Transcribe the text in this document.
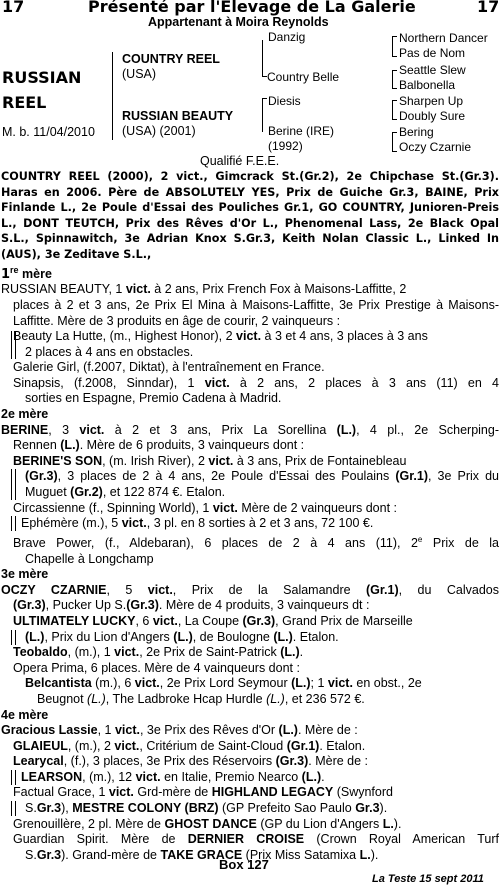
17	Présenté par l'Elevage de La Galerie	17
Appartenant à Moira Reynolds
RUSSIAN
REEL
M. b. 11/04/2010
COUNTRY REEL
(USA)
RUSSIAN BEAUTY
(USA) (2001)
Danzig
Country Belle
Diesis
Berine (IRE)
(1992)
Northern Dancer
Pas de Nom
Seattle Slew
Balbonella
Sharpen Up
Doubly Sure
Bering
Oczy Czarnie
Qualifié F.E.E.

COUNTRY REEL (2000), 2 vict., Gimcrack St.(Gr.2), 2e Chipchase St.(Gr.3). Haras en 2006. Père de ABSOLUTELY YES, Prix de Guiche Gr.3, BAINE, Prix Finlande L., 2e Poule d'Essai des Pouliches Gr.1, GO COUNTRY, Junioren-Preis L., DONT TEUTCH, Prix des Rêves d'Or L., Phenomenal Lass, 2e Black Opal S.L., Spinnawitch, 3e Adrian Knox S.Gr.3, Keith Nolan Classic L., Linked In (AUS), 3e Zeditave S.L.,

1re mère

RUSSIAN BEAUTY, 1 vict. à 2 ans, Prix French Fox à Maisons-Laffitte, 2

places à 2 et 3 ans, 2e Prix El Mina à Maisons-Laffitte, 3e Prix Prestige à Maisons-Laffitte. Mère de 3 produits en âge de courir, 2 vainqueurs :

Beauty La Hutte, (m., Highest Honor), 2 vict. à 3 et 4 ans, 3 places à 3 ans

2 places à 4 ans en obstacles.

Galerie Girl, (f.2007, Diktat), à l'entraînement en France.

Sinapsis, (f.2008, Sinndar), 1 vict. à 2 ans, 2 places à 3 ans (11) en 4

sorties en Espagne, Premio Cadena à Madrid.

2e mère

BERINE, 3 vict. à 2 et 3 ans, Prix La Sorellina (L.), 4 pl., 2e Scherping-

Rennen (L.). Mère de 6 produits, 3 vainqueurs dont :

BERINE'S SON, (m. Irish River), 2 vict. à 3 ans, Prix de Fontainebleau

(Gr.3), 3 places de 2 à 4 ans, 2e Poule d'Essai des Poulains (Gr.1), 3e Prix du Muguet (Gr.2), et 122 874 €. Etalon.

Circassienne (f., Spinning World), 1 vict. Mère de 2 vainqueurs dont :

Ephémère (m.), 5 vict., 3 pl. en 8 sorties à 2 et 3 ans, 72 100 €.

Brave Power, (f., Aldebaran), 6 places de 2 à 4 ans (11), 2e Prix de la

Chapelle à Longchamp

3e mère

OCZY CZARNIE, 5 vict., Prix de la Salamandre (Gr.1), du Calvados

(Gr.3), Pucker Up S.(Gr.3). Mère de 4 produits, 3 vainqueurs dt :

ULTIMATELY LUCKY, 6 vict., La Coupe (Gr.3), Grand Prix de Marseille

(L.), Prix du Lion d'Angers (L.), de Boulogne (L.). Etalon.

Teobaldo, (m.), 1 vict., 2e Prix de Saint-Patrick (L.).

Opera Prima, 6 places. Mère de 4 vainqueurs dont :

Belcantista (m.), 6 vict., 2e Prix Lord Seymour (L.); 1 vict. en obst., 2e

Beugnot (L.), The Ladbroke Hcap Hurdle (L.), et 236 572 €.

4e mère

Gracious Lassie, 1 vict., 3e Prix des Rêves d'Or (L.). Mère de :

GLAIEUL, (m.), 2 vict., Critérium de Saint-Cloud (Gr.1). Etalon.

Learycal, (f.), 3 places, 3e Prix des Réservoirs (Gr.3). Mère de :

LEARSON, (m.), 12 vict. en Italie, Premio Nearco (L.).

Factual Grace, 1 vict. Grd-mère de HIGHLAND LEGACY (Swynford

S.Gr.3), MESTRE COLONY (BRZ) (GP Prefeito Sao Paulo Gr.3).

Grenouillère, 2 pl. Mère de GHOST DANCE (GP du Lion d'Angers L.).

Guardian Spirit. Mère de DERNIER CROISE (Crown Royal American Turf

S.Gr.3). Grand-mère de TAKE GRACE (Prix Miss Satamixa L.).

Box 127
La Teste 15 sept 2011
